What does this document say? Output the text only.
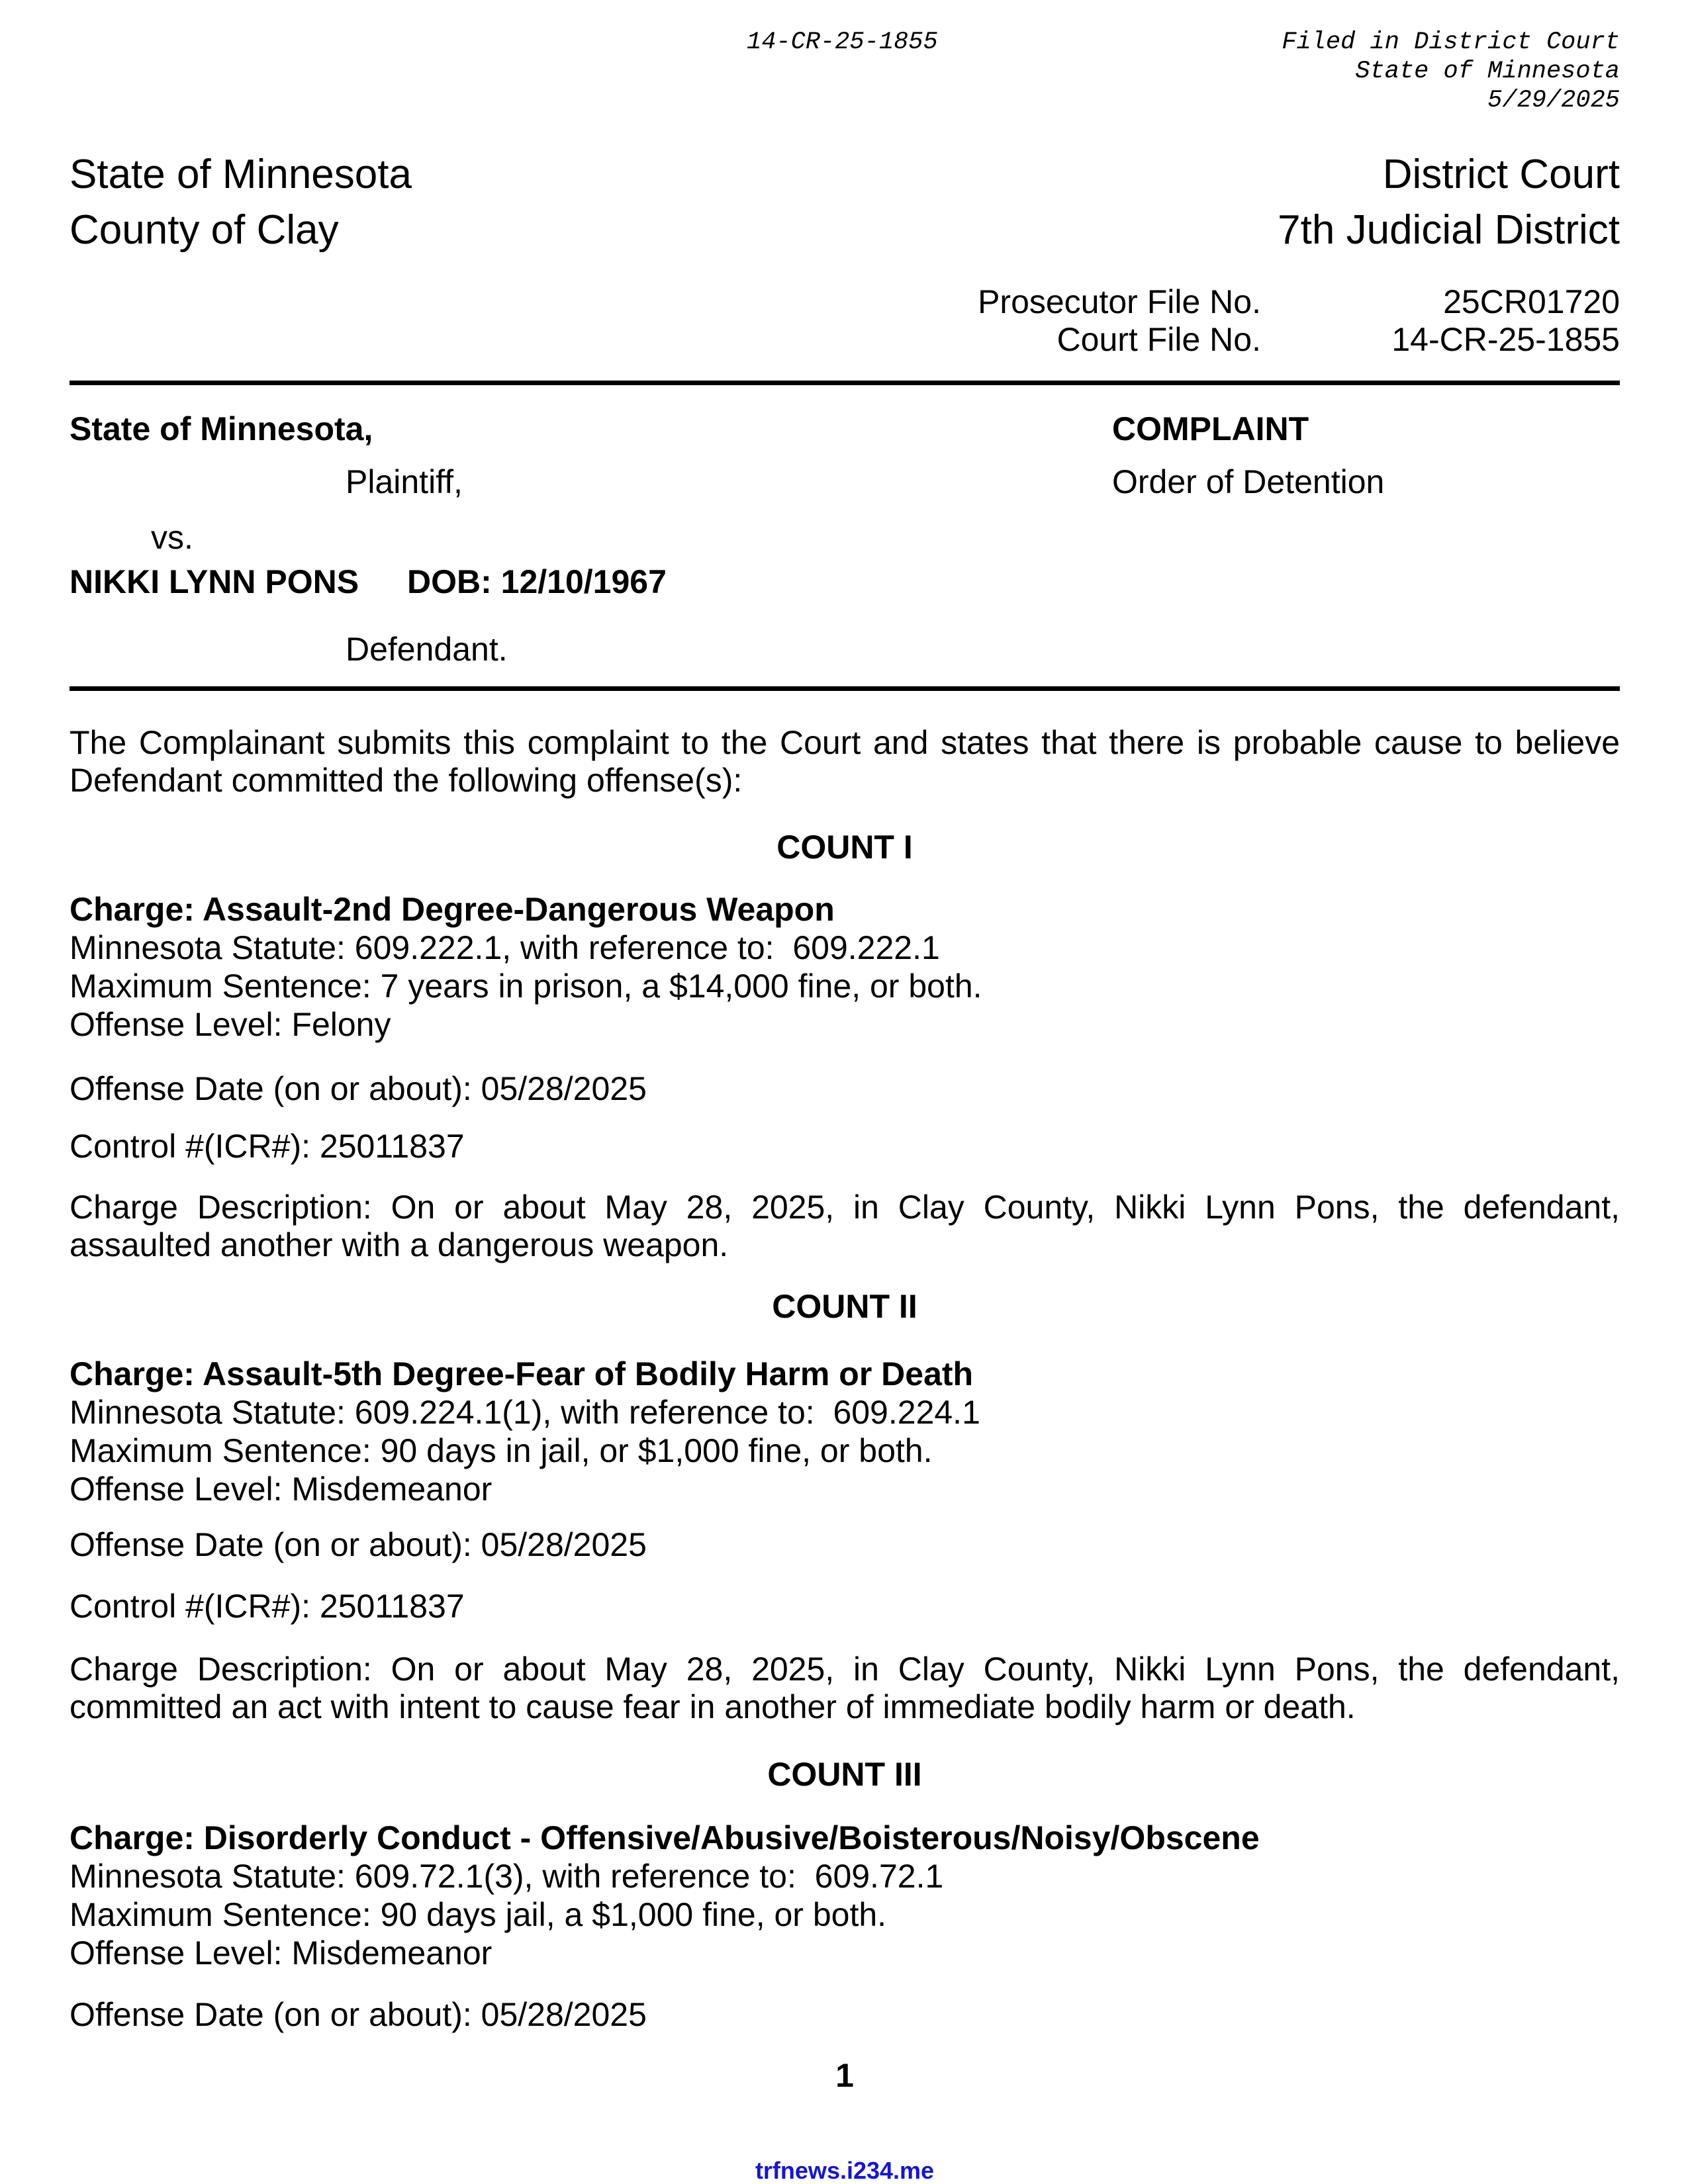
14-CR-25-1855	Filed in District Court
State of Minnesota
5/29/2025
State of Minnesota
County of Clay
District Court
7th Judicial District
Prosecutor File No.	25CR01720
Court File No.	14-CR-25-1855
State of Minnesota,	COMPLAINT
Plaintiff,	Order of Detention
vs.
NIKKI LYNN PONS DOB: 12/10/1967
Defendant.
The Complainant submits this complaint to the Court and states that there is probable cause to believe Defendant committed the following offense(s):
COUNT I
Charge: Assault-2nd Degree-Dangerous Weapon
Minnesota Statute: 609.222.1, with reference to:  609.222.1
Maximum Sentence: 7 years in prison, a $14,000 fine, or both.
Offense Level: Felony
Offense Date (on or about): 05/28/2025
Control #(ICR#): 25011837
Charge Description: On or about May 28, 2025, in Clay County, Nikki Lynn Pons, the defendant, assaulted another with a dangerous weapon.
COUNT II
Charge: Assault-5th Degree-Fear of Bodily Harm or Death
Minnesota Statute: 609.224.1(1), with reference to:  609.224.1
Maximum Sentence: 90 days in jail, or $1,000 fine, or both.
Offense Level: Misdemeanor
Offense Date (on or about): 05/28/2025
Control #(ICR#): 25011837
Charge Description: On or about May 28, 2025, in Clay County, Nikki Lynn Pons, the defendant, committed an act with intent to cause fear in another of immediate bodily harm or death.
COUNT III
Charge: Disorderly Conduct - Offensive/Abusive/Boisterous/Noisy/Obscene
Minnesota Statute: 609.72.1(3), with reference to:  609.72.1
Maximum Sentence: 90 days jail, a $1,000 fine, or both.
Offense Level: Misdemeanor
Offense Date (on or about): 05/28/2025
1
trfnews.i234.me
